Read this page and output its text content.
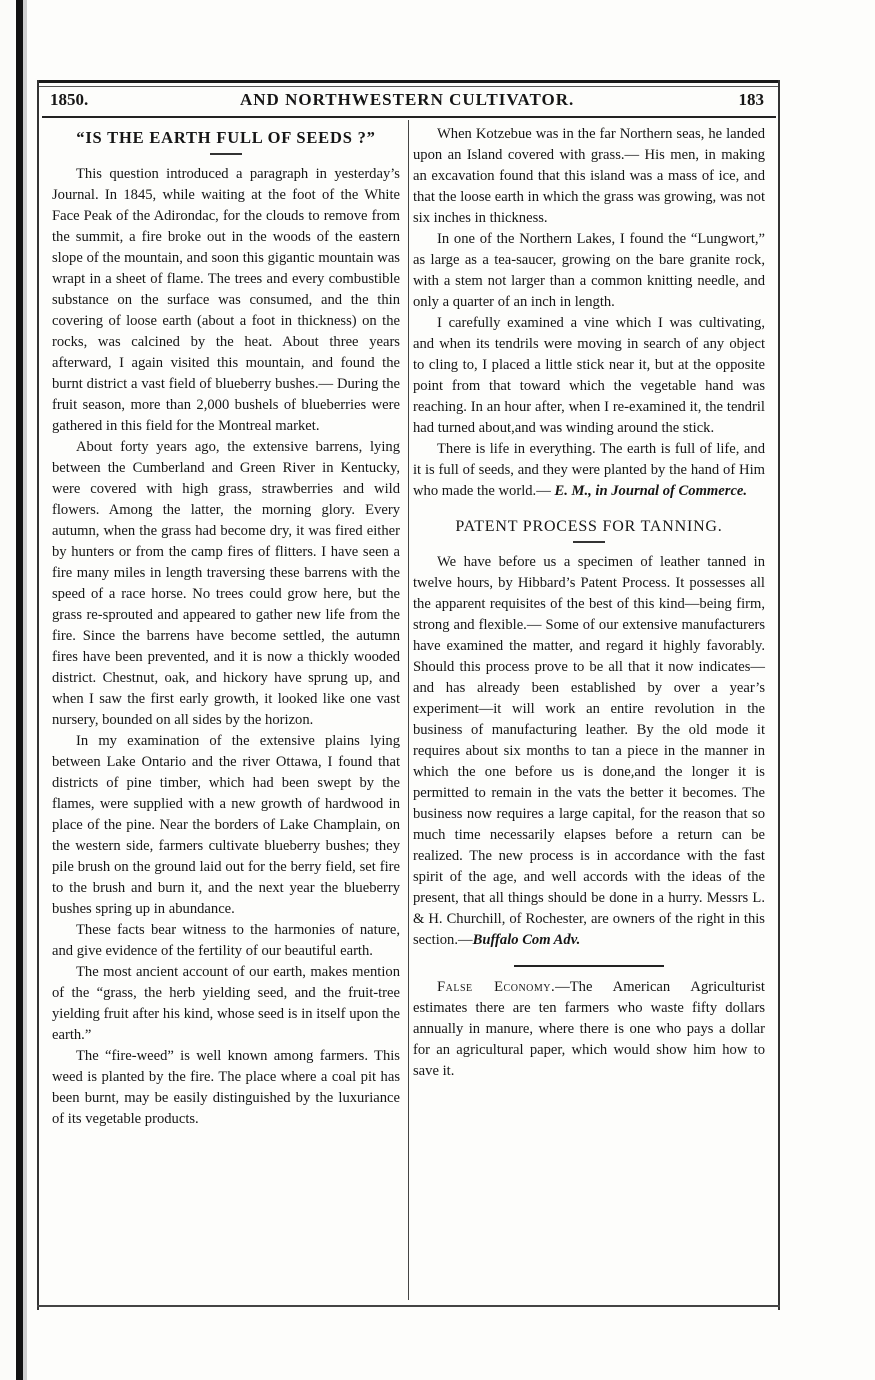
1850.	AND NORTHWESTERN CULTIVATOR.	183
“IS THE EARTH FULL OF SEEDS ?”

This question introduced a paragraph in yesterday’s Journal. In 1845, while waiting at the foot of the White Face Peak of the Adirondac, for the clouds to remove from the summit, a fire broke out in the woods of the eastern slope of the mountain, and soon this gigantic mountain was wrapt in a sheet of flame. The trees and every combustible substance on the surface was consumed, and the thin covering of loose earth (about a foot in thickness) on the rocks, was calcined by the heat. About three years afterward, I again visited this mountain, and found the burnt district a vast field of blueberry bushes.— During the fruit season, more than 2,000 bushels of blueberries were gathered in this field for the Montreal market.

About forty years ago, the extensive barrens, lying between the Cumberland and Green River in Kentucky, were covered with high grass, strawberries and wild flowers. Among the latter, the morning glory. Every autumn, when the grass had become dry, it was fired either by hunters or from the camp fires of flitters. I have seen a fire many miles in length traversing these barrens with the speed of a race horse. No trees could grow here, but the grass re-sprouted and appeared to gather new life from the fire. Since the barrens have become settled, the autumn fires have been prevented, and it is now a thickly wooded district. Chestnut, oak, and hickory have sprung up, and when I saw the first early growth, it looked like one vast nursery, bounded on all sides by the horizon.

In my examination of the extensive plains lying between Lake Ontario and the river Ottawa, I found that districts of pine timber, which had been swept by the flames, were supplied with a new growth of hardwood in place of the pine. Near the borders of Lake Champlain, on the western side, farmers cultivate blueberry bushes; they pile brush on the ground laid out for the berry field, set fire to the brush and burn it, and the next year the blueberry bushes spring up in abundance.

These facts bear witness to the harmonies of nature, and give evidence of the fertility of our beautiful earth.

The most ancient account of our earth, makes mention of the “grass, the herb yielding seed, and the fruit-tree yielding fruit after his kind, whose seed is in itself upon the earth.”

The “fire-weed” is well known among farmers. This weed is planted by the fire. The place where a coal pit has been burnt, may be easily distinguished by the luxuriance of its vegetable products.

When Kotzebue was in the far Northern seas, he landed upon an Island covered with grass.— His men, in making an excavation found that this island was a mass of ice, and that the loose earth in which the grass was growing, was not six inches in thickness.

In one of the Northern Lakes, I found the “Lungwort,” as large as a tea-saucer, growing on the bare granite rock, with a stem not larger than a common knitting needle, and only a quarter of an inch in length.

I carefully examined a vine which I was cultivating, and when its tendrils were moving in search of any object to cling to, I placed a little stick near it, but at the opposite point from that toward which the vegetable hand was reaching. In an hour after, when I re-examined it, the tendril had turned about,and was winding around the stick.

There is life in everything. The earth is full of life, and it is full of seeds, and they were planted by the hand of Him who made the world.— E. M., in Journal of Commerce.

PATENT PROCESS FOR TANNING.

We have before us a specimen of leather tanned in twelve hours, by Hibbard’s Patent Process. It possesses all the apparent requisites of the best of this kind—being firm, strong and flexible.— Some of our extensive manufacturers have examined the matter, and regard it highly favorably. Should this process prove to be all that it now indicates—and has already been established by over a year’s experiment—it will work an entire revolution in the business of manufacturing leather. By the old mode it requires about six months to tan a piece in the manner in which the one before us is done,and the longer it is permitted to remain in the vats the better it becomes. The business now requires a large capital, for the reason that so much time necessarily elapses before a return can be realized. The new process is in accordance with the fast spirit of the age, and well accords with the ideas of the present, that all things should be done in a hurry. Messrs L. & H. Churchill, of Rochester, are owners of the right in this section.—Buffalo Com Adv.

False Economy.—The American Agriculturist estimates there are ten farmers who waste fifty dollars annually in manure, where there is one who pays a dollar for an agricultural paper, which would show him how to save it.
